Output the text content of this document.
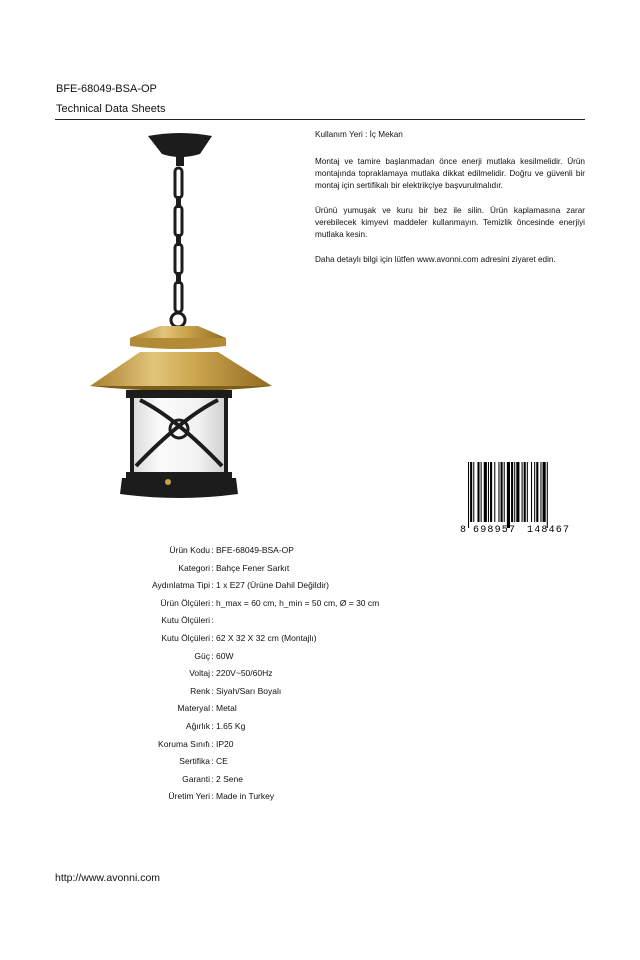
BFE-68049-BSA-OP
Technical Data Sheets

Kullanım Yeri : İç Mekan

Montaj ve tamire başlanmadan önce enerji mutlaka kesilmelidir. Ürün montajında topraklamaya mutlaka dikkat edilmelidir. Doğru ve güvenli bir montaj için sertifikalı bir elektrikçiye başvurulmalıdır.

Ürünü yumuşak ve kuru bir bez ile silin. Ürün kaplamasına zarar verebilecek kimyevi maddeler kullanmayın. Temizlik öncesinde enerjiyi mutlaka kesin.

Daha detaylı bilgi için lütfen www.avonni.com adresini ziyaret edin.

8 698957 148467
Ürün Kodu : BFE-68049-BSA-OP
Kategori : Bahçe Fener Sarkıt
Aydınlatma Tipi : 1 x E27 (Ürüne Dahil Değildir)
Ürün Ölçüleri : h_max = 60 cm, h_min = 50 cm, Ø = 30 cm
Kutu Ölçüleri :
Kutu Ölçüleri : 62 X 32 X 32 cm (Montajlı)
Güç : 60W
Voltaj : 220V~50/60Hz
Renk : Siyah/Sarı Boyalı
Materyal : Metal
Ağırlık : 1.65 Kg
Koruma Sınıfı : IP20
Sertifika : CE
Garanti : 2 Sene
Üretim Yeri : Made in Turkey
http://www.avonni.com
